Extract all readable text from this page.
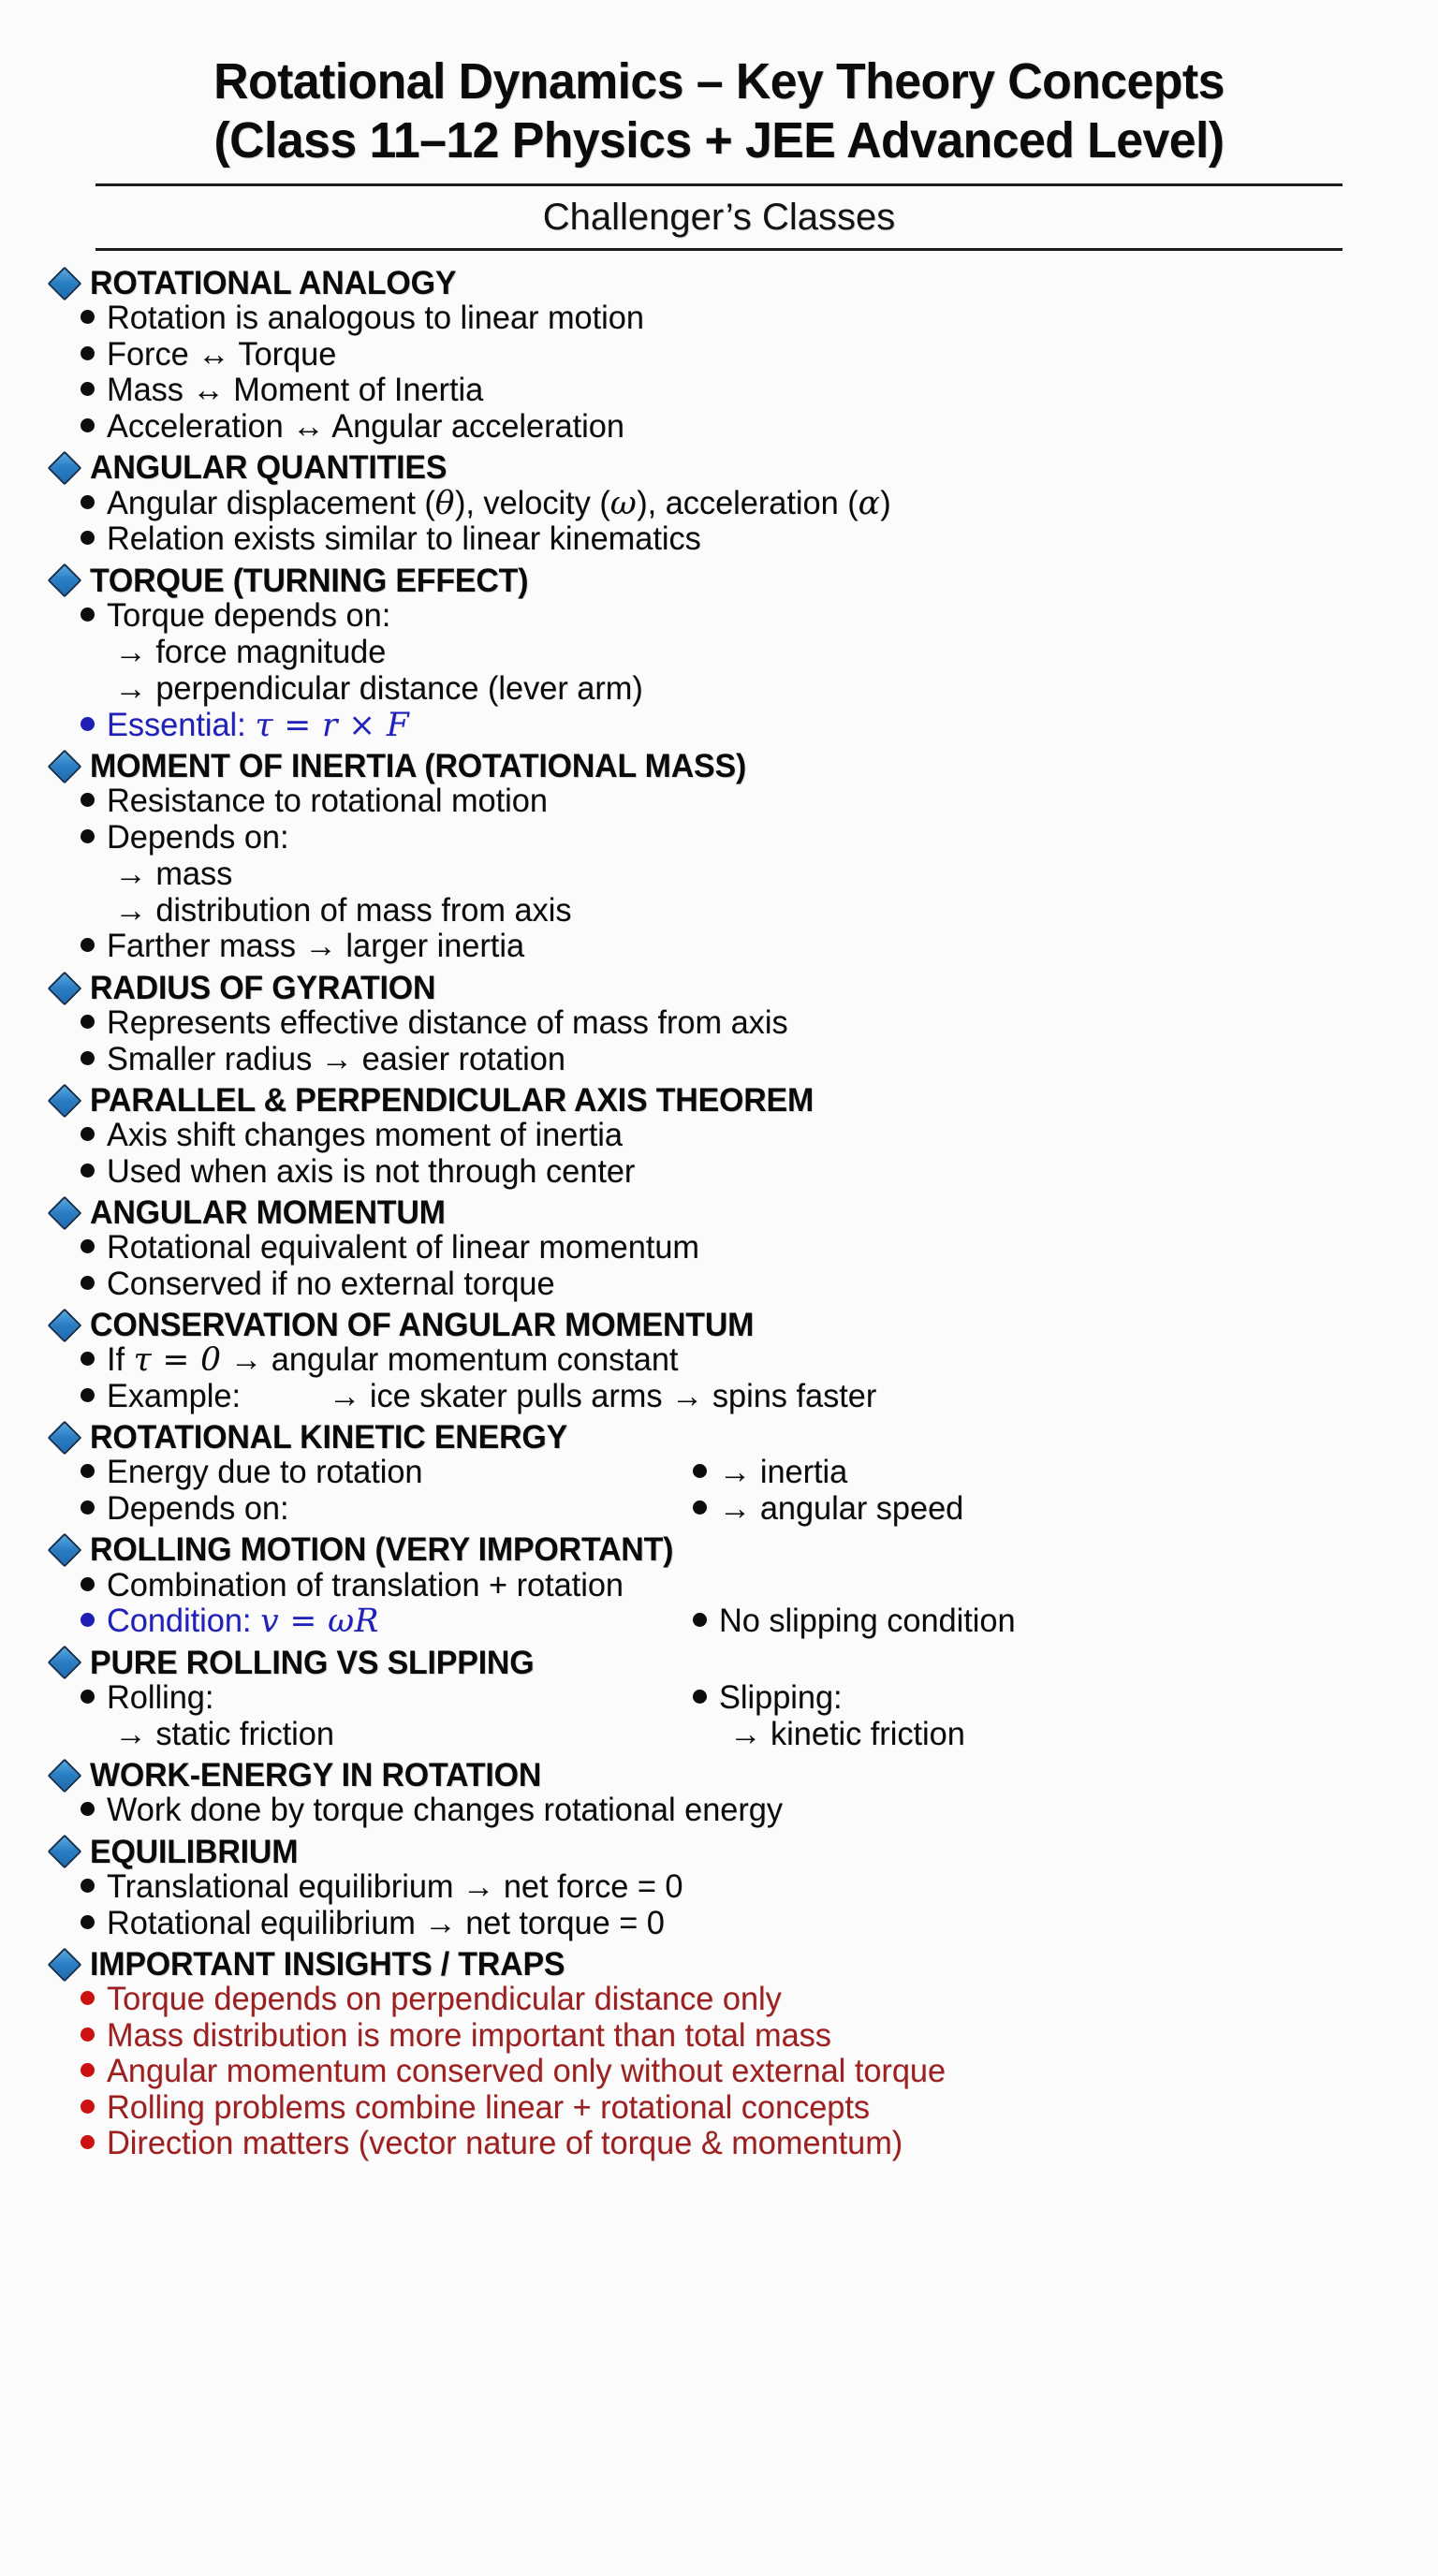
Rotational Dynamics – Key Theory Concepts
(Class 11–12 Physics + JEE Advanced Level)
Challenger’s Classes
ROTATIONAL ANALOGY
Rotation is analogous to linear motion
Force ↔ Torque
Mass ↔ Moment of Inertia
Acceleration ↔ Angular acceleration
ANGULAR QUANTITIES
Angular displacement (θ), velocity (ω), acceleration (α)
Relation exists similar to linear kinematics
TORQUE (TURNING EFFECT)
Torque depends on:
→ force magnitude
→ perpendicular distance (lever arm)
Essential: τ = r × F
MOMENT OF INERTIA (ROTATIONAL MASS)
Resistance to rotational motion
Depends on:
→ mass
→ distribution of mass from axis
Farther mass → larger inertia
RADIUS OF GYRATION
Represents effective distance of mass from axis
Smaller radius → easier rotation
PARALLEL & PERPENDICULAR AXIS THEOREM
Axis shift changes moment of inertia
Used when axis is not through center
ANGULAR MOMENTUM
Rotational equivalent of linear momentum
Conserved if no external torque
CONSERVATION OF ANGULAR MOMENTUM
If τ = 0 → angular momentum constant
Example:	→ ice skater pulls arms → spins faster
ROTATIONAL KINETIC ENERGY
Energy due to rotation	→ inertia
Depends on:	→ angular speed
ROLLING MOTION (VERY IMPORTANT)
Combination of translation + rotation
Condition: v = ωR	No slipping condition
PURE ROLLING VS SLIPPING
Rolling:
→ static friction
Slipping:
→ kinetic friction
WORK-ENERGY IN ROTATION
Work done by torque changes rotational energy
EQUILIBRIUM
Translational equilibrium → net force = 0
Rotational equilibrium → net torque = 0
IMPORTANT INSIGHTS / TRAPS
Torque depends on perpendicular distance only
Mass distribution is more important than total mass
Angular momentum conserved only without external torque
Rolling problems combine linear + rotational concepts
Direction matters (vector nature of torque & momentum)
